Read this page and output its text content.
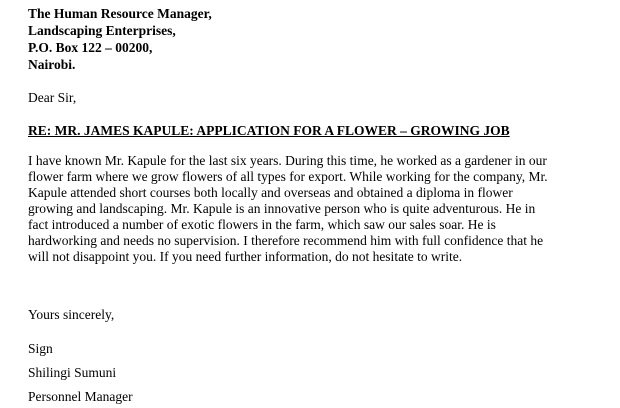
The Human Resource Manager,
Landscaping Enterprises,
P.O. Box 122 – 00200,
Nairobi.
Dear Sir,
RE: MR. JAMES KAPULE: APPLICATION FOR A FLOWER – GROWING JOB
I have known Mr. Kapule for the last six years. During this time, he worked as a gardener in our
flower farm where we grow flowers of all types for export. While working for the company, Mr.
Kapule attended short courses both locally and overseas and obtained a diploma in flower
growing and landscaping. Mr. Kapule is an innovative person who is quite adventurous. He in
fact introduced a number of exotic flowers in the farm, which saw our sales soar. He is
hardworking and needs no supervision. I therefore recommend him with full confidence that he
will not disappoint you. If you need further information, do not hesitate to write.
Yours sincerely,
Sign
Shilingi Sumuni
Personnel Manager
